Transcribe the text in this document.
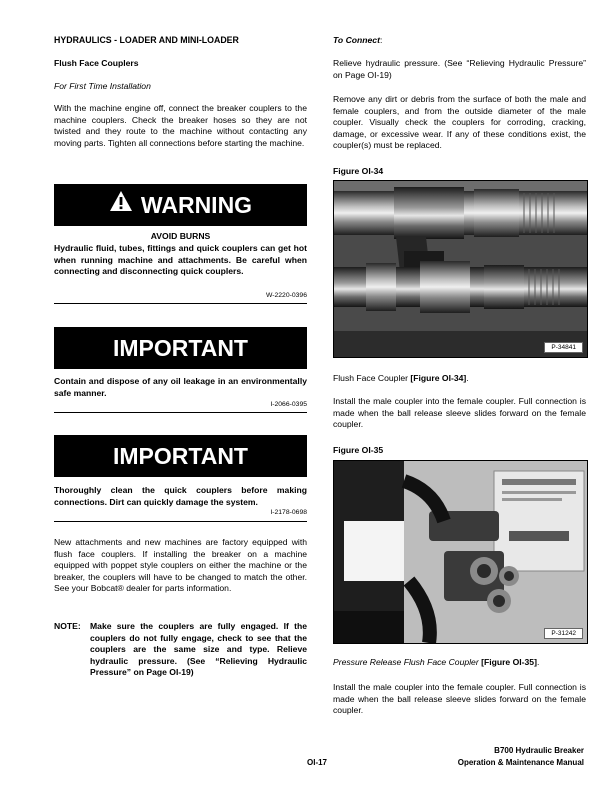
HYDRAULICS - LOADER AND MINI-LOADER
Flush Face Couplers
For First Time Installation
With the machine engine off, connect the breaker couplers to the machine couplers. Check the breaker hoses so they are not twisted and they route to the machine without contacting any moving parts. Tighten all connections before starting the machine.
WARNING
AVOID BURNS
Hydraulic fluid, tubes, fittings and quick couplers can get hot when running machine and attachments. Be careful when connecting and disconnecting quick couplers.
W-2220-0396
IMPORTANT
Contain and dispose of any oil leakage in an environmentally safe manner.
I-2066-0395
IMPORTANT
Thoroughly clean the quick couplers before making connections. Dirt can quickly damage the system.
I-2178-0698
New attachments and new machines are factory equipped with flush face couplers. If installing the breaker on a machine equipped with poppet style couplers on either the machine or the breaker, the couplers will have to be changed to match the other. See your Bobcat® dealer for parts information.
NOTE: Make sure the couplers are fully engaged. If the couplers do not fully engage, check to see that the couplers are the same size and type. Relieve hydraulic pressure. (See “Relieving Hydraulic Pressure” on Page OI-19)
To Connect:
Relieve hydraulic pressure. (See “Relieving Hydraulic Pressure” on Page OI-19)
Remove any dirt or debris from the surface of both the male and female couplers, and from the outside diameter of the male coupler. Visually check the couplers for corroding, cracking, damage, or excessive wear. If any of these conditions exist, the coupler(s) must be replaced.
Figure OI-34
P-34841
Flush Face Coupler [Figure OI-34].
Install the male coupler into the female coupler. Full connection is made when the ball release sleeve slides forward on the female coupler.
Figure OI-35
P-31242
Pressure Release Flush Face Coupler [Figure OI-35].
Install the male coupler into the female coupler. Full connection is made when the ball release sleeve slides forward on the female coupler.
OI-17
B700 Hydraulic Breaker
Operation & Maintenance Manual
